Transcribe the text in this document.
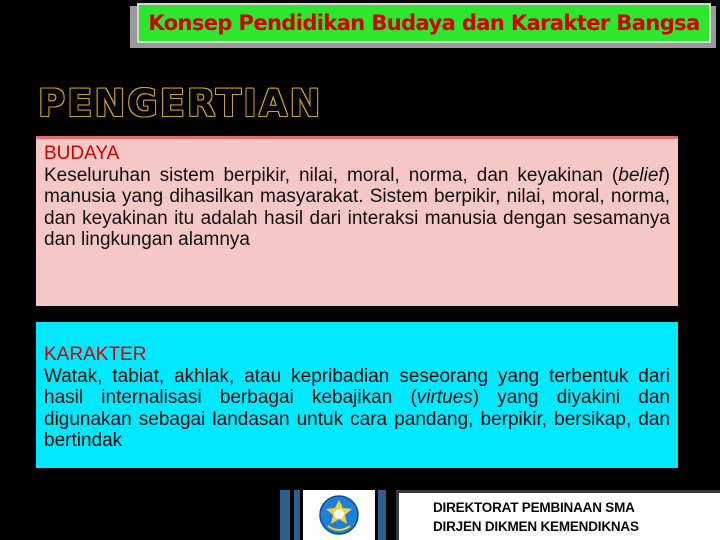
Konsep Pendidikan Budaya dan Karakter Bangsa
PENGERTIAN
BUDAYA
Keseluruhan sistem berpikir, nilai, moral, norma, dan keyakinan (belief) manusia yang dihasilkan masyarakat. Sistem berpikir, nilai, moral, norma, dan keyakinan itu adalah hasil dari interaksi manusia dengan sesamanya dan lingkungan alamnya
KARAKTER
Watak, tabiat, akhlak, atau kepribadian seseorang yang terbentuk dari hasil internalisasi berbagai kebajikan (virtues) yang diyakini dan digunakan sebagai landasan untuk cara pandang, berpikir, bersikap, dan bertindak
DIREKTORAT PEMBINAAN SMA
DIRJEN DIKMEN KEMENDIKNAS
